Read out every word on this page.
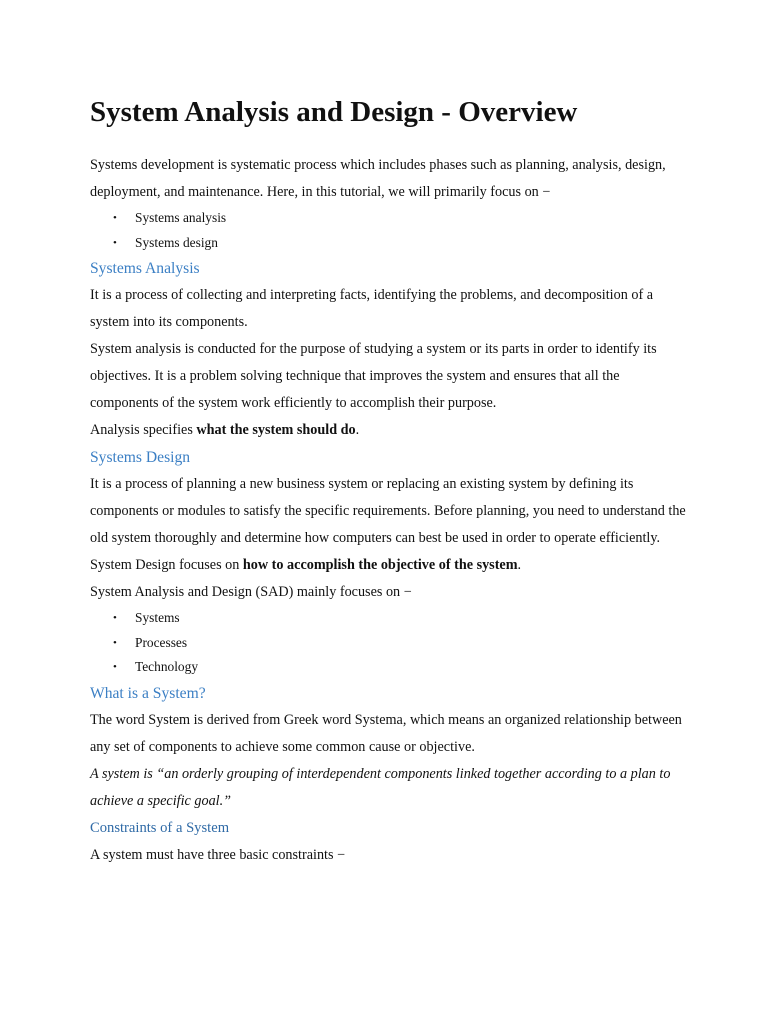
System Analysis and Design - Overview

Systems development is systematic process which includes phases such as planning, analysis, design, deployment, and maintenance. Here, in this tutorial, we will primarily focus on −

• Systems analysis
• Systems design
Systems Analysis

It is a process of collecting and interpreting facts, identifying the problems, and decomposition of a system into its components.

System analysis is conducted for the purpose of studying a system or its parts in order to identify its objectives. It is a problem solving technique that improves the system and ensures that all the components of the system work efficiently to accomplish their purpose.

Analysis specifies what the system should do.

Systems Design

It is a process of planning a new business system or replacing an existing system by defining its components or modules to satisfy the specific requirements. Before planning, you need to understand the old system thoroughly and determine how computers can best be used in order to operate efficiently.

System Design focuses on how to accomplish the objective of the system.

System Analysis and Design (SAD) mainly focuses on −

• Systems
• Processes
• Technology
What is a System?

The word System is derived from Greek word Systema, which means an organized relationship between any set of components to achieve some common cause or objective.

A system is “an orderly grouping of interdependent components linked together according to a plan to achieve a specific goal.”

Constraints of a System

A system must have three basic constraints −
